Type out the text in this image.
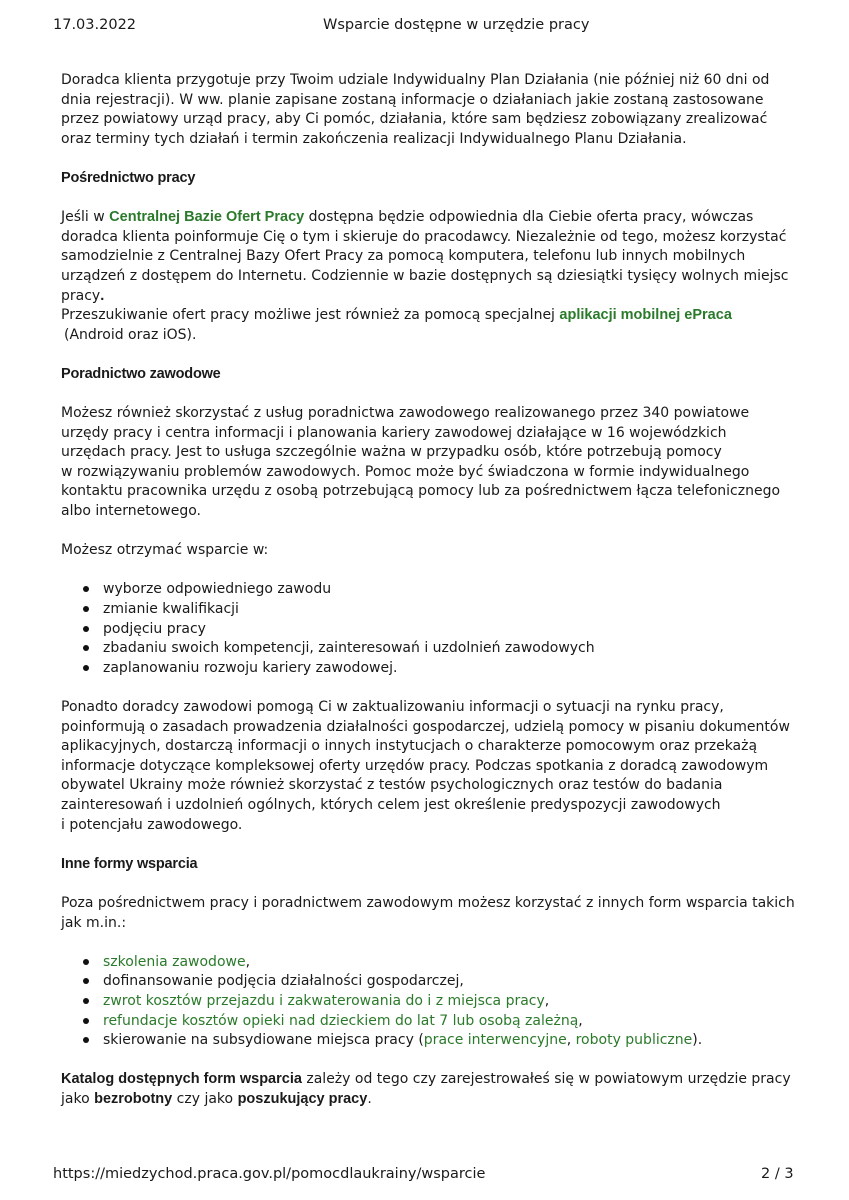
17.03.2022	Wsparcie dostępne w urzędzie pracy

Doradca klienta przygotuje przy Twoim udziale Indywidualny Plan Działania (nie później niż 60 dni od

dnia rejestracji). W ww. planie zapisane zostaną informacje o działaniach jakie zostaną zastosowane

przez powiatowy urząd pracy, aby Ci pomóc, działania, które sam będziesz zobowiązany zrealizować

oraz terminy tych działań i termin zakończenia realizacji Indywidualnego Planu Działania.

Pośrednictwo pracy

Jeśli w Centralnej Bazie Ofert Pracy dostępna będzie odpowiednia dla Ciebie oferta pracy, wówczas

doradca klienta poinformuje Cię o tym i skieruje do pracodawcy. Niezależnie od tego, możesz korzystać

samodzielnie z Centralnej Bazy Ofert Pracy za pomocą komputera, telefonu lub innych mobilnych

urządzeń z dostępem do Internetu. Codziennie w bazie dostępnych są dziesiątki tysięcy wolnych miejsc

pracy.

Przeszukiwanie ofert pracy możliwe jest również za pomocą specjalnej aplikacji mobilnej ePraca

(Android oraz iOS).

Poradnictwo zawodowe

Możesz również skorzystać z usług poradnictwa zawodowego realizowanego przez 340 powiatowe

urzędy pracy i centra informacji i planowania kariery zawodowej działające w 16 wojewódzkich

urzędach pracy. Jest to usługa szczególnie ważna w przypadku osób, które potrzebują pomocy

w rozwiązywaniu problemów zawodowych. Pomoc może być świadczona w formie indywidualnego

kontaktu pracownika urzędu z osobą potrzebującą pomocy lub za pośrednictwem łącza telefonicznego

albo internetowego.

Możesz otrzymać wsparcie w:

wyborze odpowiedniego zawodu
zmianie kwalifikacji
podjęciu pracy
zbadaniu swoich kompetencji, zainteresowań i uzdolnień zawodowych
zaplanowaniu rozwoju kariery zawodowej.

Ponadto doradcy zawodowi pomogą Ci w zaktualizowaniu informacji o sytuacji na rynku pracy,

poinformują o zasadach prowadzenia działalności gospodarczej, udzielą pomocy w pisaniu dokumentów

aplikacyjnych, dostarczą informacji o innych instytucjach o charakterze pomocowym oraz przekażą

informacje dotyczące kompleksowej oferty urzędów pracy. Podczas spotkania z doradcą zawodowym

obywatel Ukrainy może również skorzystać z testów psychologicznych oraz testów do badania

zainteresowań i uzdolnień ogólnych, których celem jest określenie predyspozycji zawodowych

i potencjału zawodowego.

Inne formy wsparcia

Poza pośrednictwem pracy i poradnictwem zawodowym możesz korzystać z innych form wsparcia takich

jak m.in.:

szkolenia zawodowe,
dofinansowanie podjęcia działalności gospodarczej,
zwrot kosztów przejazdu i zakwaterowania do i z miejsca pracy,
refundacje kosztów opieki nad dzieckiem do lat 7 lub osobą zależną,
skierowanie na subsydiowane miejsca pracy (prace interwencyjne, roboty publiczne).

Katalog dostępnych form wsparcia zależy od tego czy zarejestrowałeś się w powiatowym urzędzie pracy

jako bezrobotny czy jako poszukujący pracy.

https://miedzychod.praca.gov.pl/pomocdlaukrainy/wsparcie	2 / 3
